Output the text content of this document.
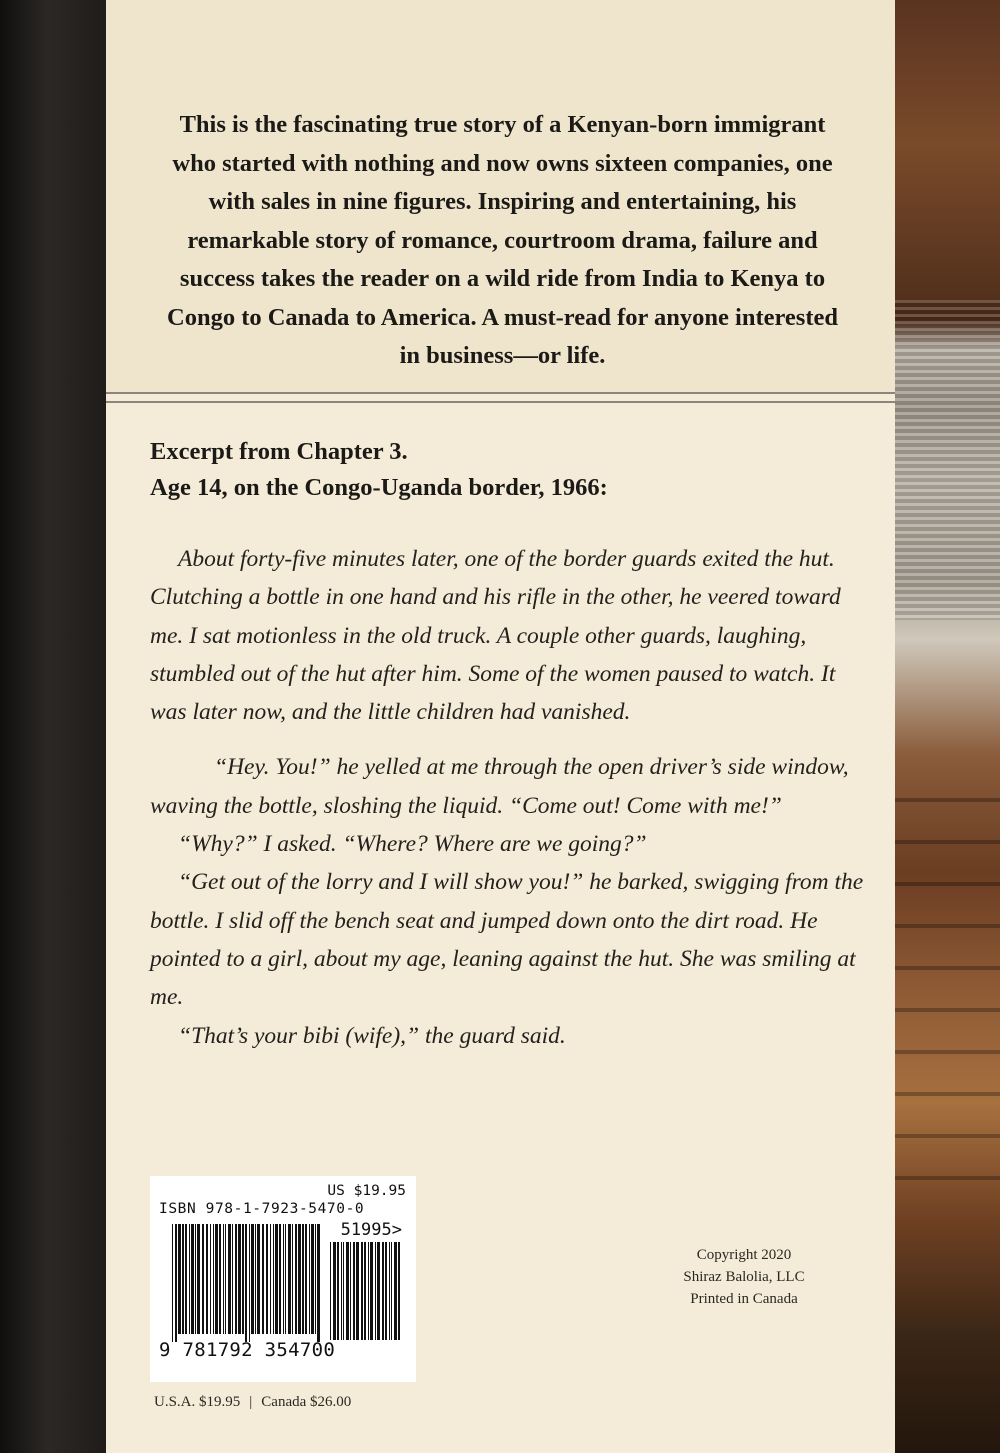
This is the fascinating true story of a Kenyan-born immigrant who started with nothing and now owns sixteen companies, one with sales in nine figures. Inspiring and entertaining, his remarkable story of romance, courtroom drama, failure and success takes the reader on a wild ride from India to Kenya to Congo to Canada to America. A must-read for anyone interested in business—or life.

Excerpt from Chapter 3.
Age 14, on the Congo-Uganda border, 1966:

About forty-five minutes later, one of the border guards exited the hut. Clutching a bottle in one hand and his rifle in the other, he veered toward me. I sat motionless in the old truck. A couple other guards, laughing, stumbled out of the hut after him. Some of the women paused to watch. It was later now, and the little children had vanished.

“Hey. You!” he yelled at me through the open driver’s side window, waving the bottle, sloshing the liquid. “Come out! Come with me!”

“Why?” I asked. “Where? Where are we going?”

“Get out of the lorry and I will show you!” he barked, swigging from the bottle. I slid off the bench seat and jumped down onto the dirt road. He pointed to a girl, about my age, leaning against the hut. She was smiling at me.

“That’s your bibi (wife),” the guard said.

US $19.95
ISBN 978-1-7923-5470-0
51995>
9 781792 354700
Copyright 2020
Shiraz Balolia, LLC
Printed in Canada
U.S.A. $19.95 | Canada $26.00
